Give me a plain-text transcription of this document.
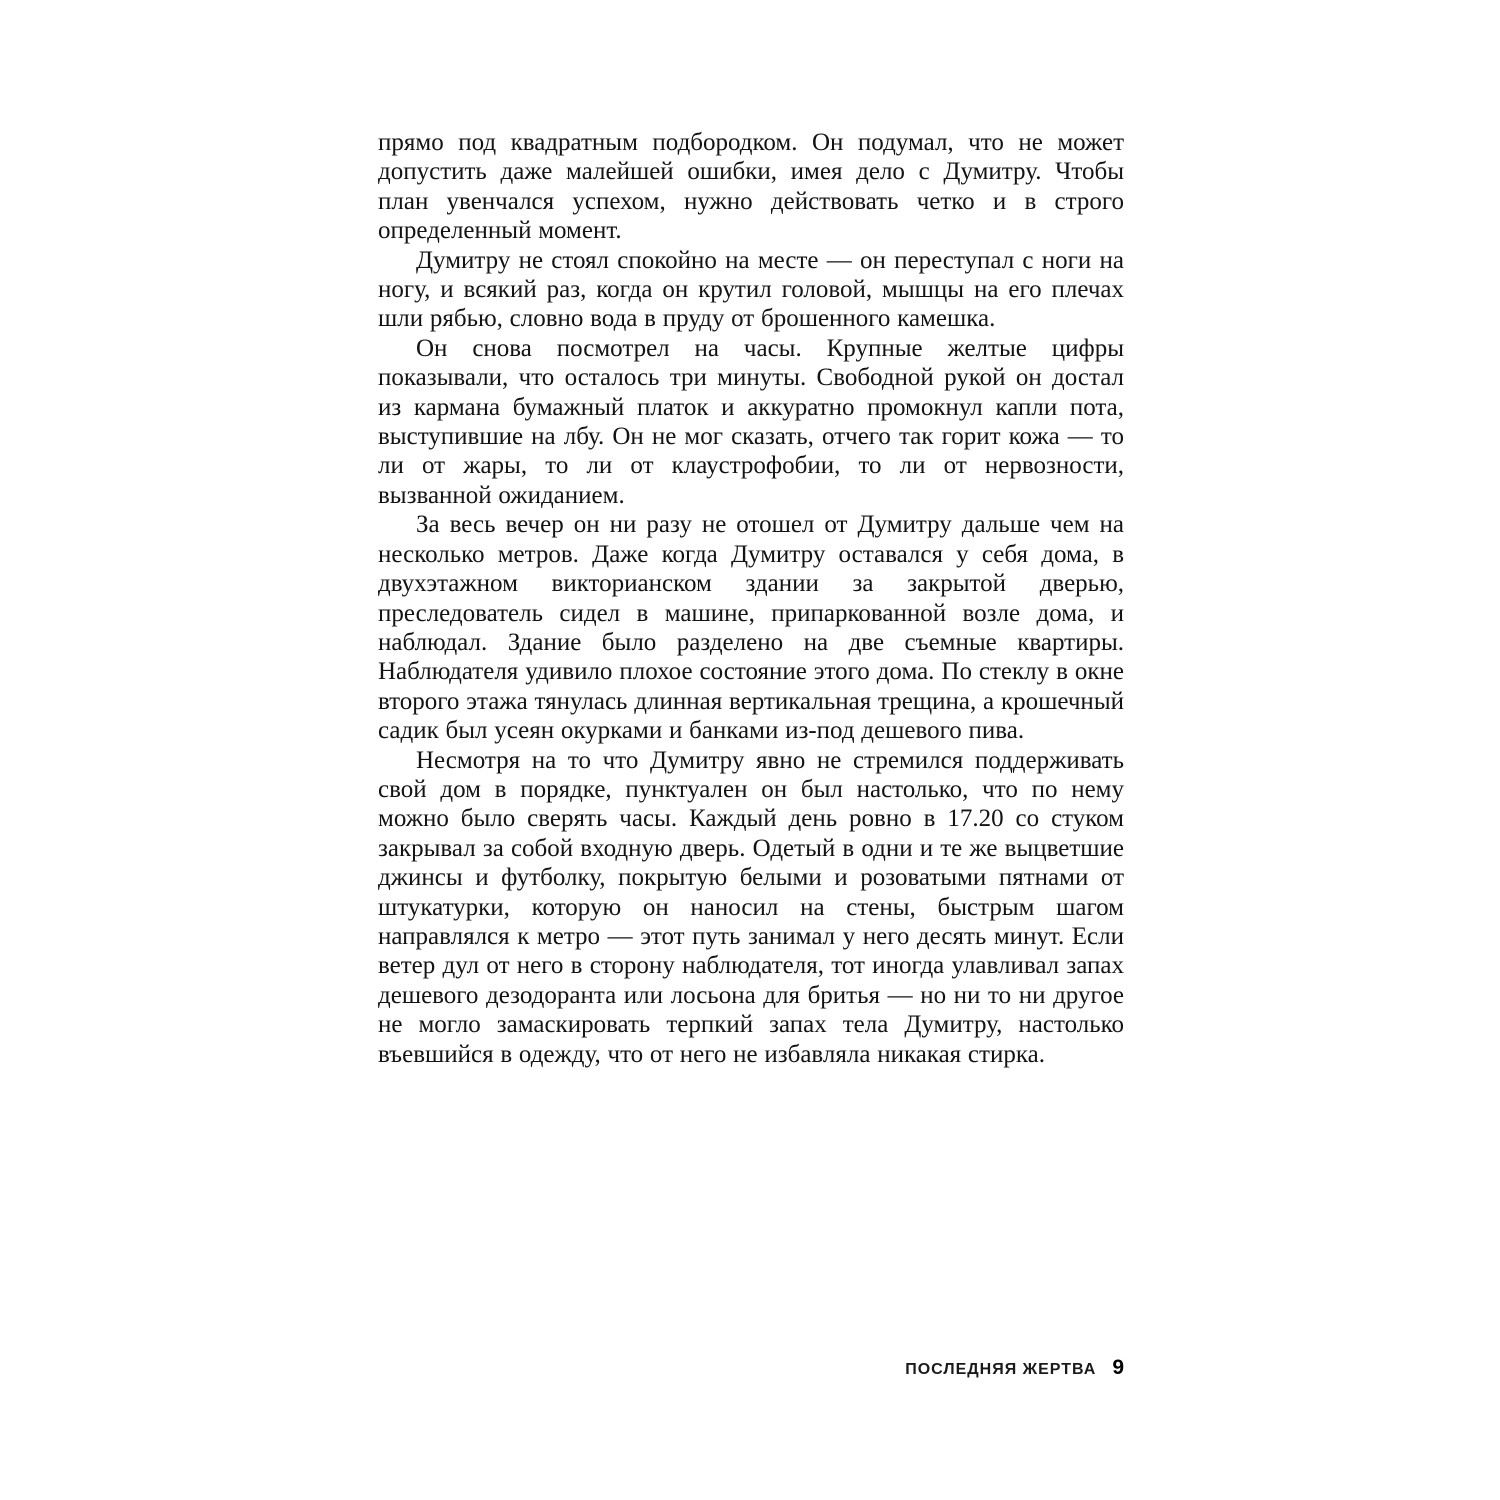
прямо под квадратным подбородком. Он подумал, что не может допустить даже малейшей ошибки, имея дело с Думитру. Чтобы план увенчался успехом, нужно действовать четко и в строго определенный момент.

Думитру не стоял спокойно на месте — он переступал с ноги на ногу, и всякий раз, когда он крутил головой, мышцы на его плечах шли рябью, словно вода в пруду от брошенного камешка.

Он снова посмотрел на часы. Крупные желтые цифры показывали, что осталось три минуты. Свободной рукой он достал из кармана бумажный платок и аккуратно промокнул капли пота, выступившие на лбу. Он не мог сказать, отчего так горит кожа — то ли от жары, то ли от клаустрофобии, то ли от нервозности, вызванной ожиданием.

За весь вечер он ни разу не отошел от Думитру дальше чем на несколько метров. Даже когда Думитру оставался у себя дома, в двухэтажном викторианском здании за закрытой дверью, преследователь сидел в машине, припаркованной возле дома, и наблюдал. Здание было разделено на две съемные квартиры. Наблюдателя удивило плохое состояние этого дома. По стеклу в окне второго этажа тянулась длинная вертикальная трещина, а крошечный садик был усеян окурками и банками из-под дешевого пива.

Несмотря на то что Думитру явно не стремился поддерживать свой дом в порядке, пунктуален он был настолько, что по нему можно было сверять часы. Каждый день ровно в 17.20 со стуком закрывал за собой входную дверь. Одетый в одни и те же выцветшие джинсы и футболку, покрытую белыми и розоватыми пятнами от штукатурки, которую он наносил на стены, быстрым шагом направлялся к метро — этот путь занимал у него десять минут. Если ветер дул от него в сторону наблюдателя, тот иногда улавливал запах дешевого дезодоранта или лосьона для бритья — но ни то ни другое не могло замаскировать терпкий запах тела Думитру, настолько въевшийся в одежду, что от него не избавляла никакая стирка.

ПОСЛЕДНЯЯ ЖЕРТВА 9
